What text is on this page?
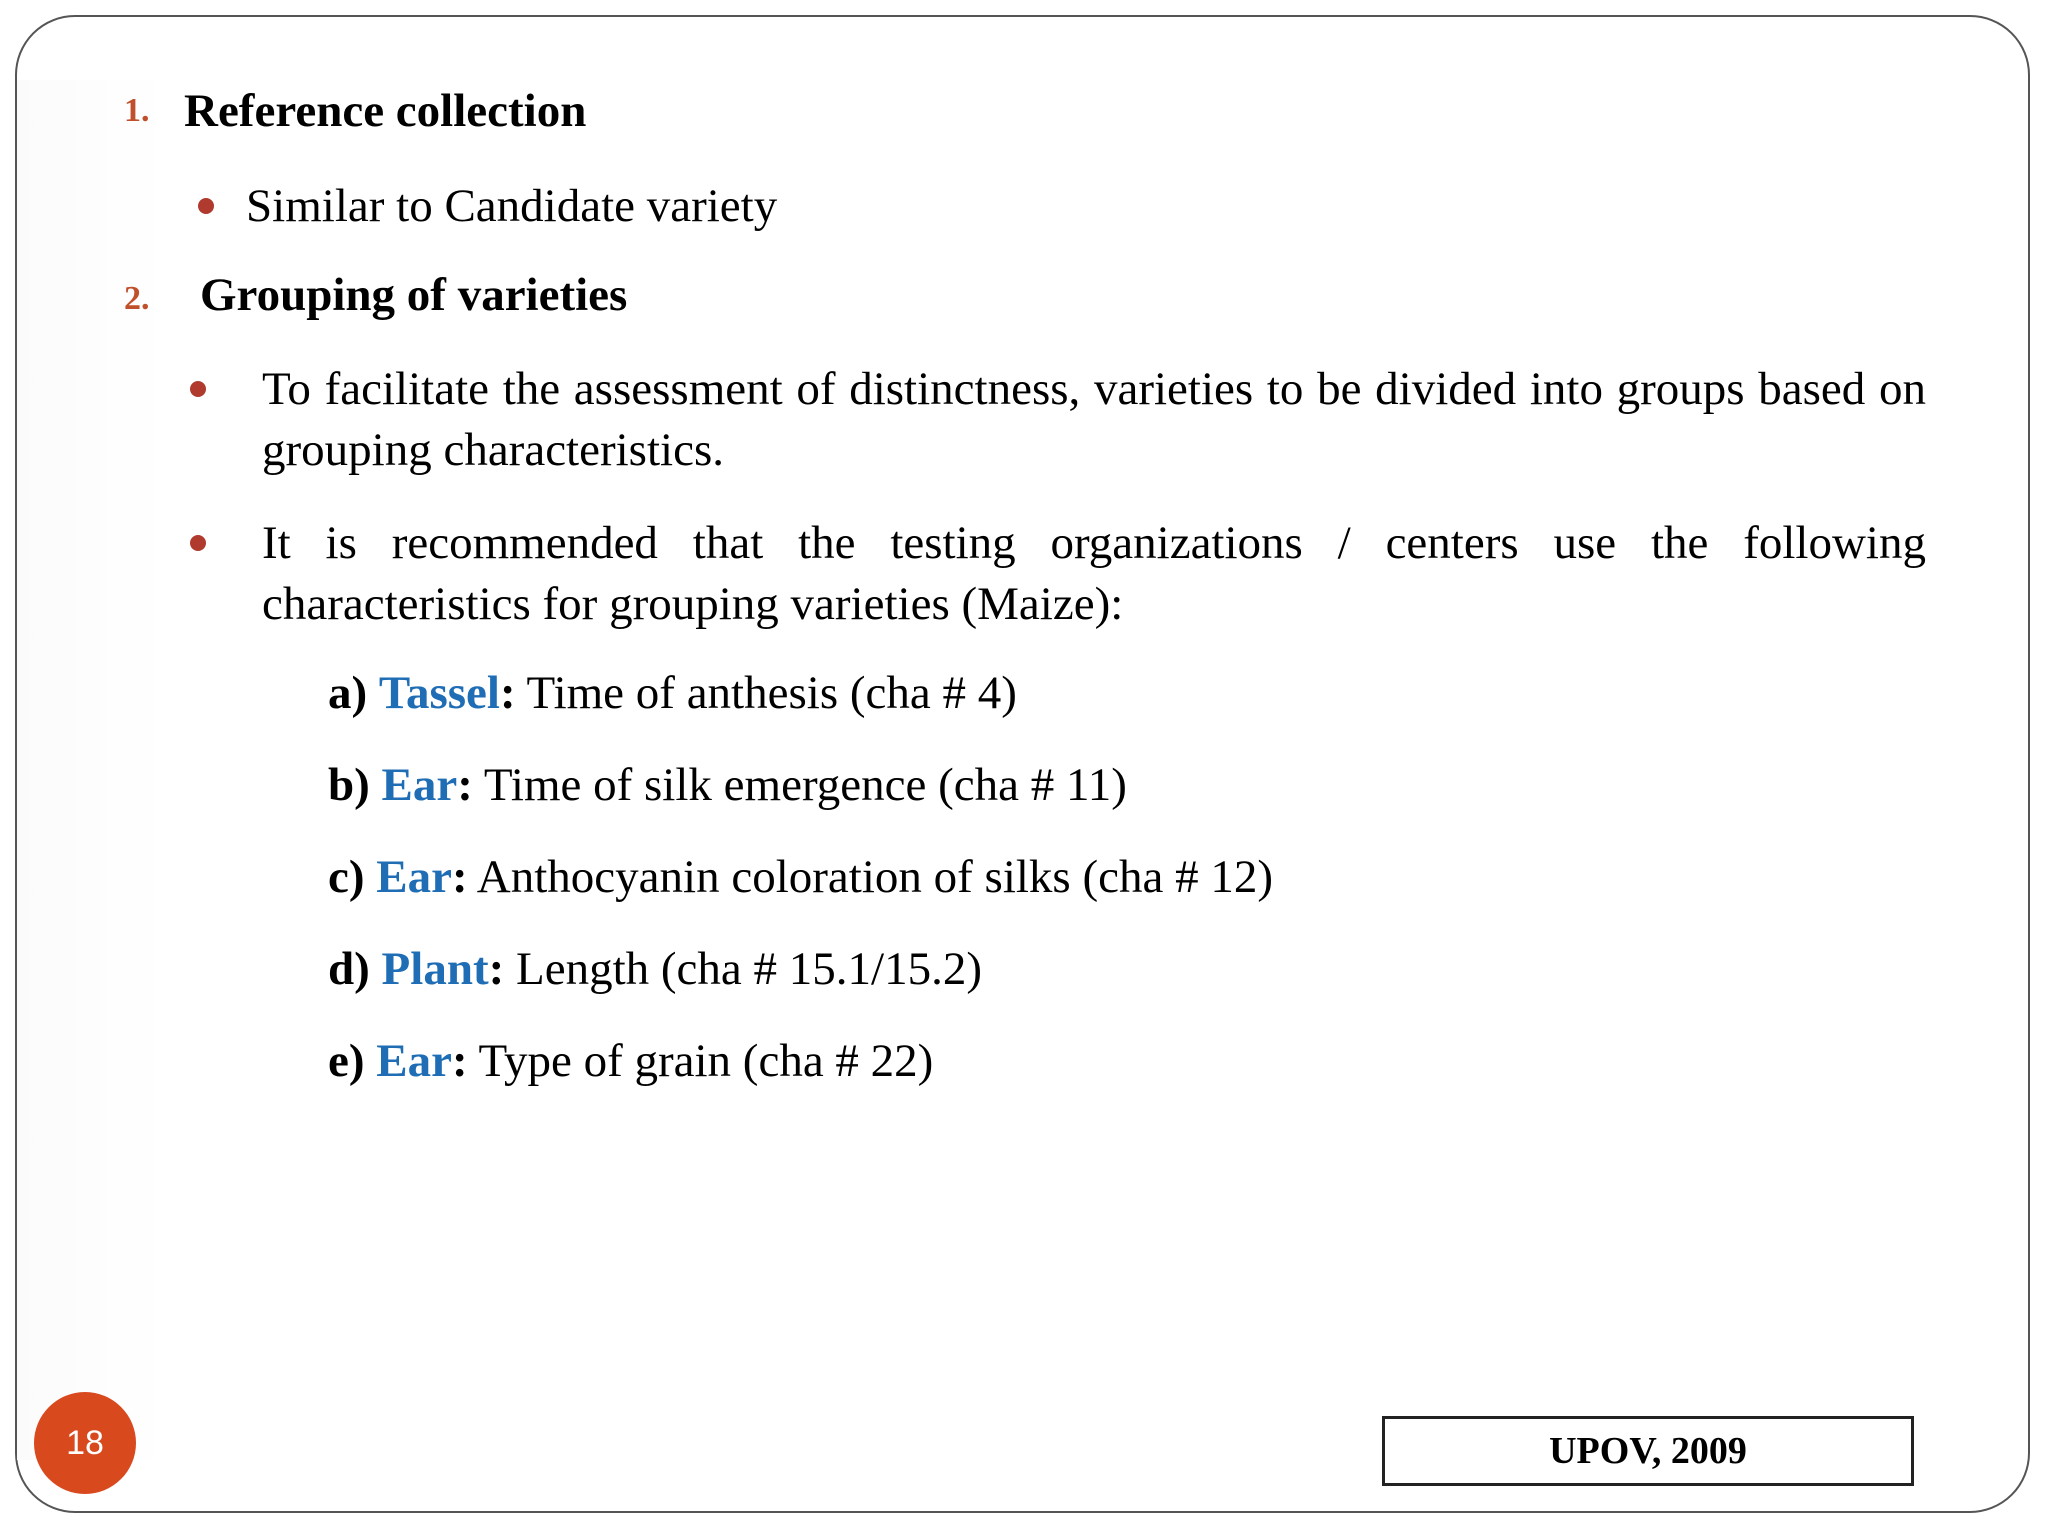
1. Reference collection
Similar to Candidate variety
2. Grouping of varieties
To facilitate the assessment of distinctness, varieties to be divided into groups based on grouping characteristics.
It is recommended that the testing organizations / centers use the following characteristics for grouping varieties (Maize):
a) Tassel: Time of anthesis (cha # 4)
b) Ear: Time of silk emergence (cha # 11)
c) Ear: Anthocyanin coloration of silks (cha # 12)
d) Plant: Length (cha # 15.1/15.2)
e) Ear: Type of grain (cha # 22)
18	UPOV, 2009
